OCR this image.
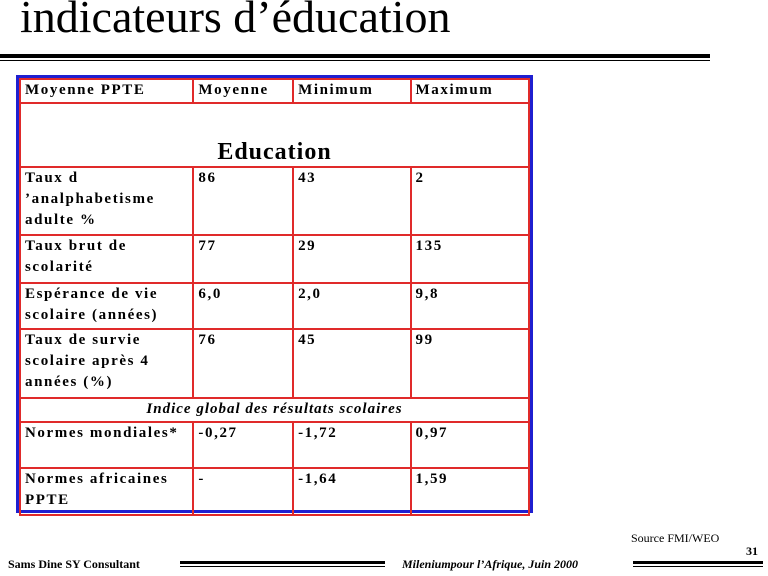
indicateurs d’éducation
Moyenne PPTE	Moyenne	Minimum	Maximum
Education			
Taux d ’analphabetisme adulte %	86	43	2
Taux brut de scolarité	77	29	135
Espérance de vie scolaire (années)	6,0	2,0	9,8
Taux de survie scolaire après 4 années (%)	76	45	99
Indice global des résultats scolaires			
Normes mondiales*	-0,27	-1,72	0,97
Normes africaines PPTE	-	-1,64	1,59
Source FMI/WEO
31
Sams Dine SY Consultant	Mileniumpour l’Afrique, Juin 2000
